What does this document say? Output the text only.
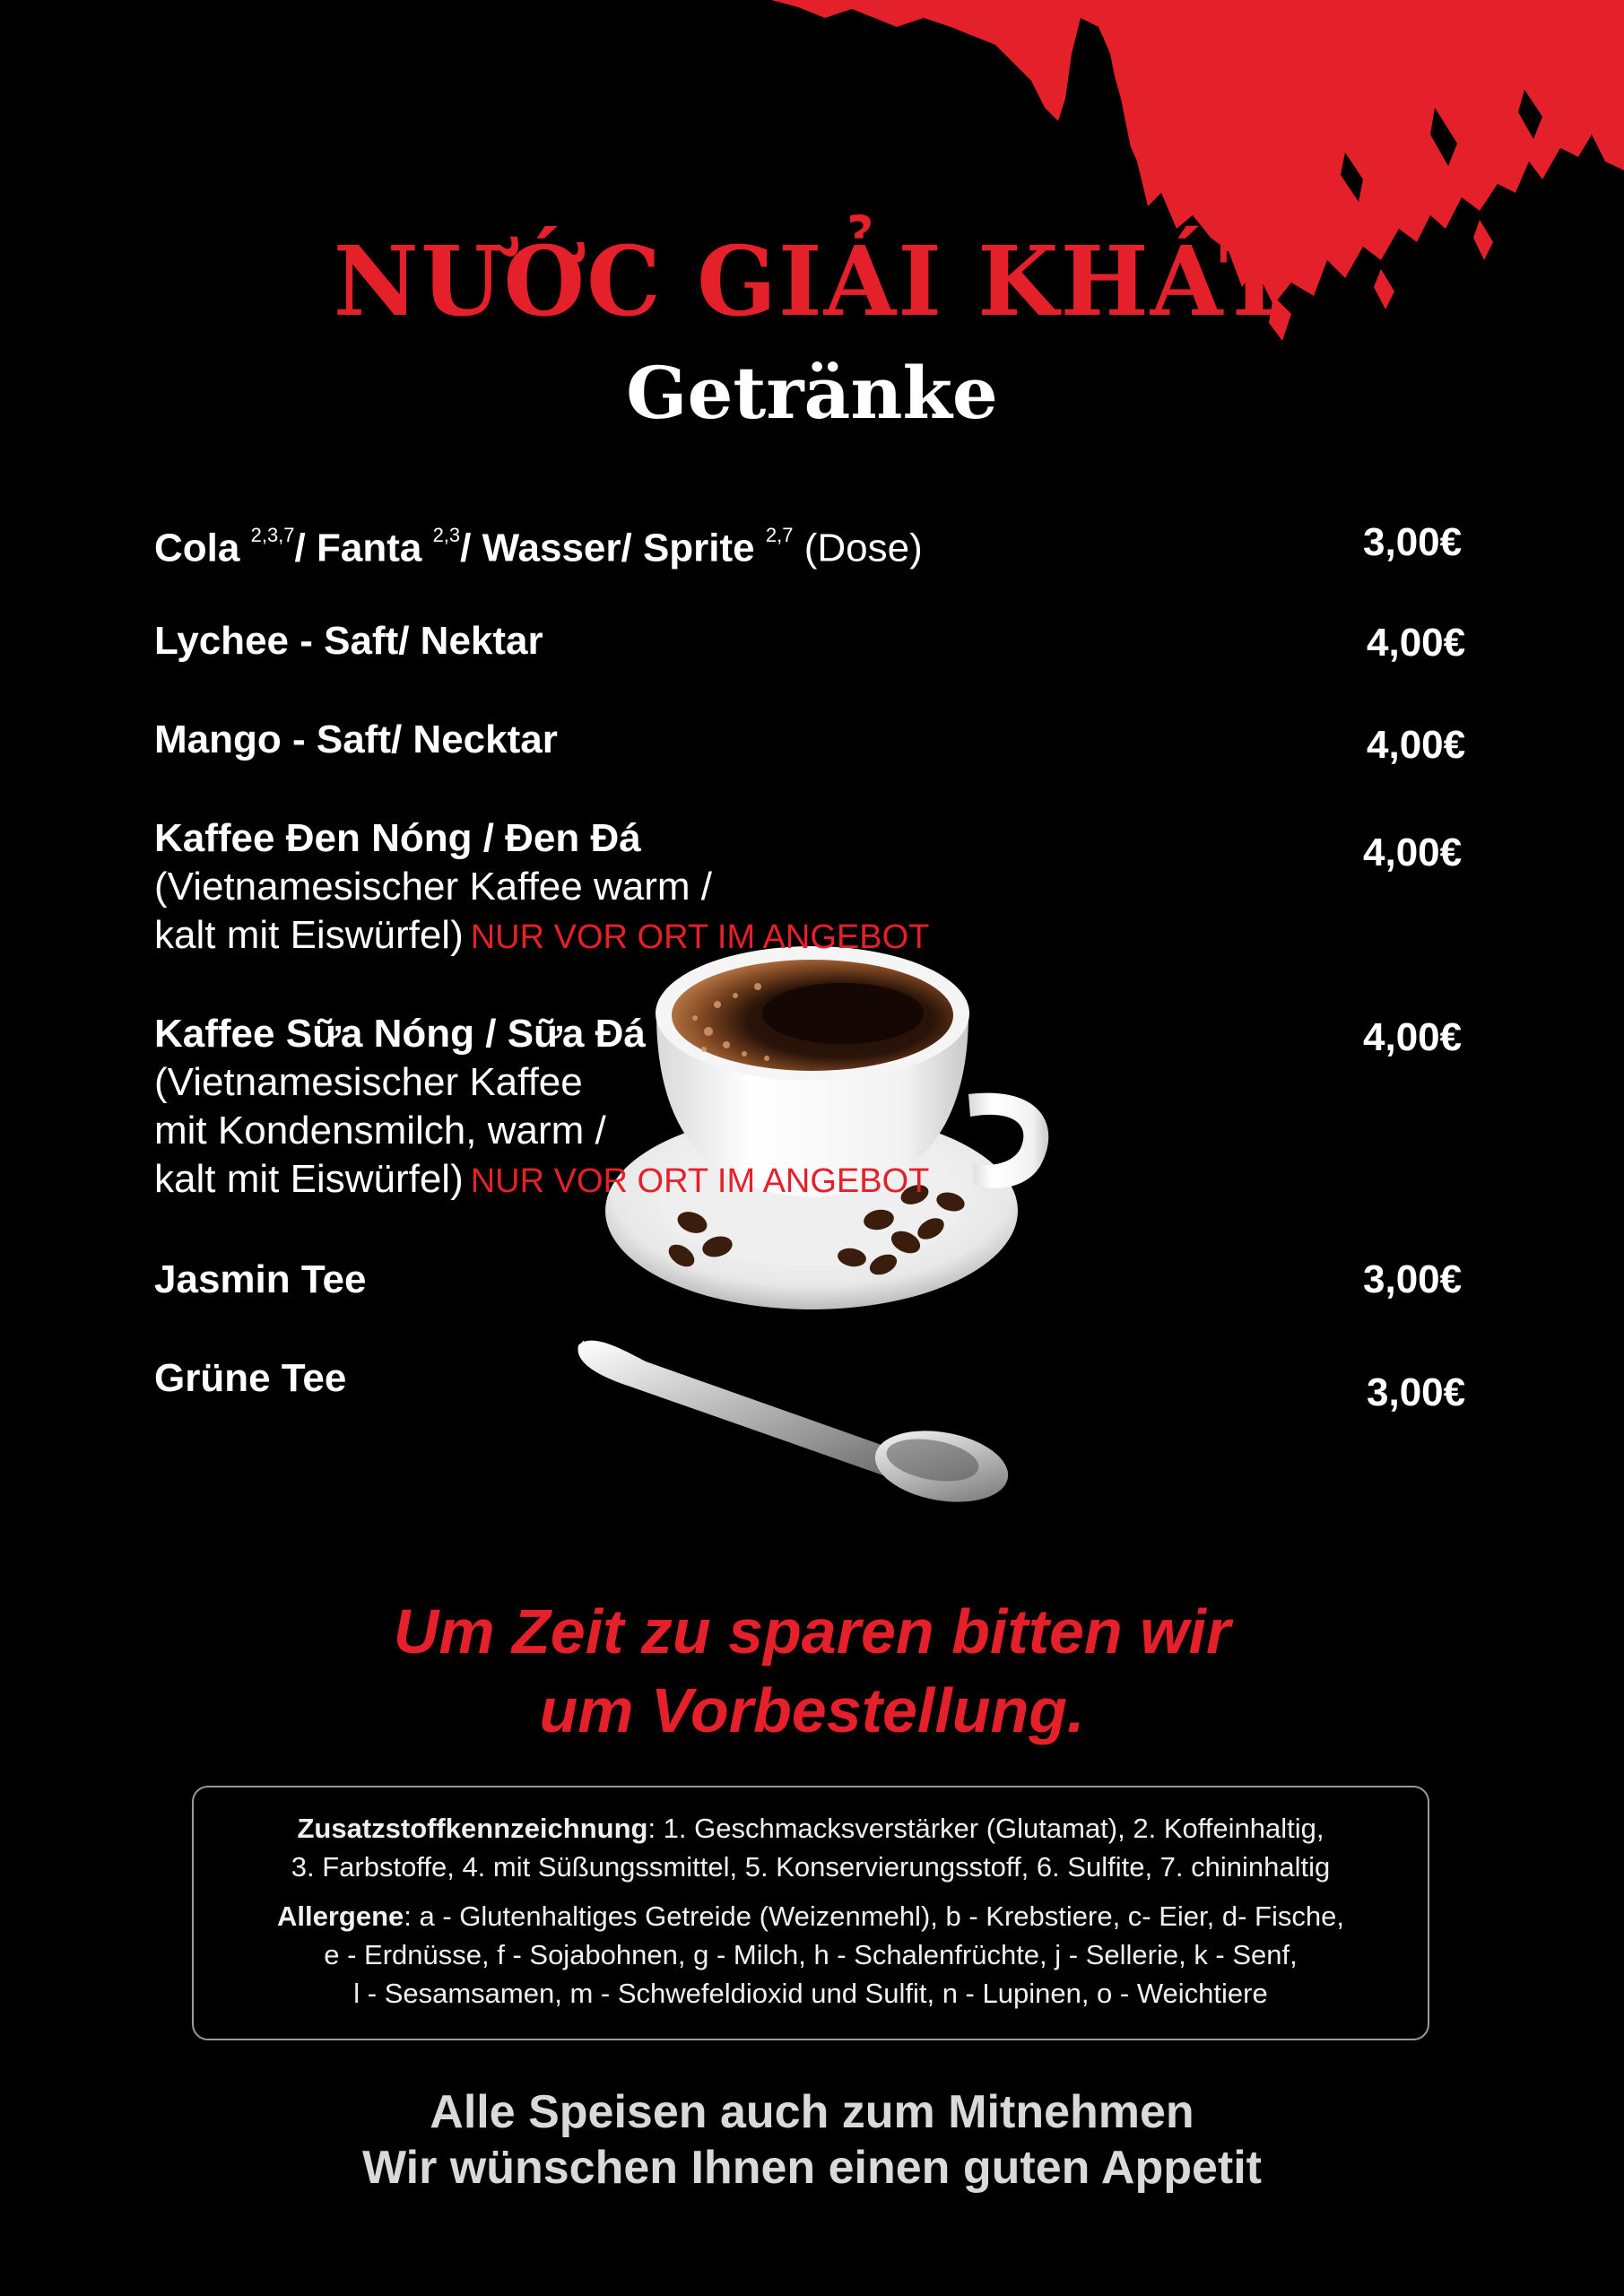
NƯỚC GIẢI KHÁT
Getränke
Cola $^{2,3,7}$/ Fanta $^{2,3}$/ Wasser/ Sprite $^{2,7}$ (Dose)	3,00€
Lychee - Saft/ Nektar	4,00€
Mango - Saft/ Necktar	4,00€
Kaffee Đen Nóng / Đen Đá
(Vietnamesischer Kaffee warm /
kalt mit Eiswürfel) NUR VOR ORT IM ANGEBOT
4,00€
Kaffee Sữa Nóng / Sữa Đá
(Vietnamesischer Kaffee
mit Kondensmilch, warm /
kalt mit Eiswürfel) NUR VOR ORT IM ANGEBOT
4,00€
Jasmin Tee	3,00€
Grüne Tee	3,00€
Um Zeit zu sparen bitten wir
um Vorbestellung.
Zusatzstoffkennzeichnung: 1. Geschmacksverstärker (Glutamat), 2. Koffeinhaltig,
3. Farbstoffe, 4. mit Süßungssmittel, 5. Konservierungsstoff, 6. Sulfite, 7. chininhaltig
Allergene: a - Glutenhaltiges Getreide (Weizenmehl), b - Krebstiere, c- Eier, d- Fische,
e - Erdnüsse, f - Sojabohnen, g - Milch, h - Schalenfrüchte, j - Sellerie, k - Senf,
l - Sesamsamen, m - Schwefeldioxid und Sulfit, n - Lupinen, o - Weichtiere
Alle Speisen auch zum Mitnehmen
Wir wünschen Ihnen einen guten Appetit
